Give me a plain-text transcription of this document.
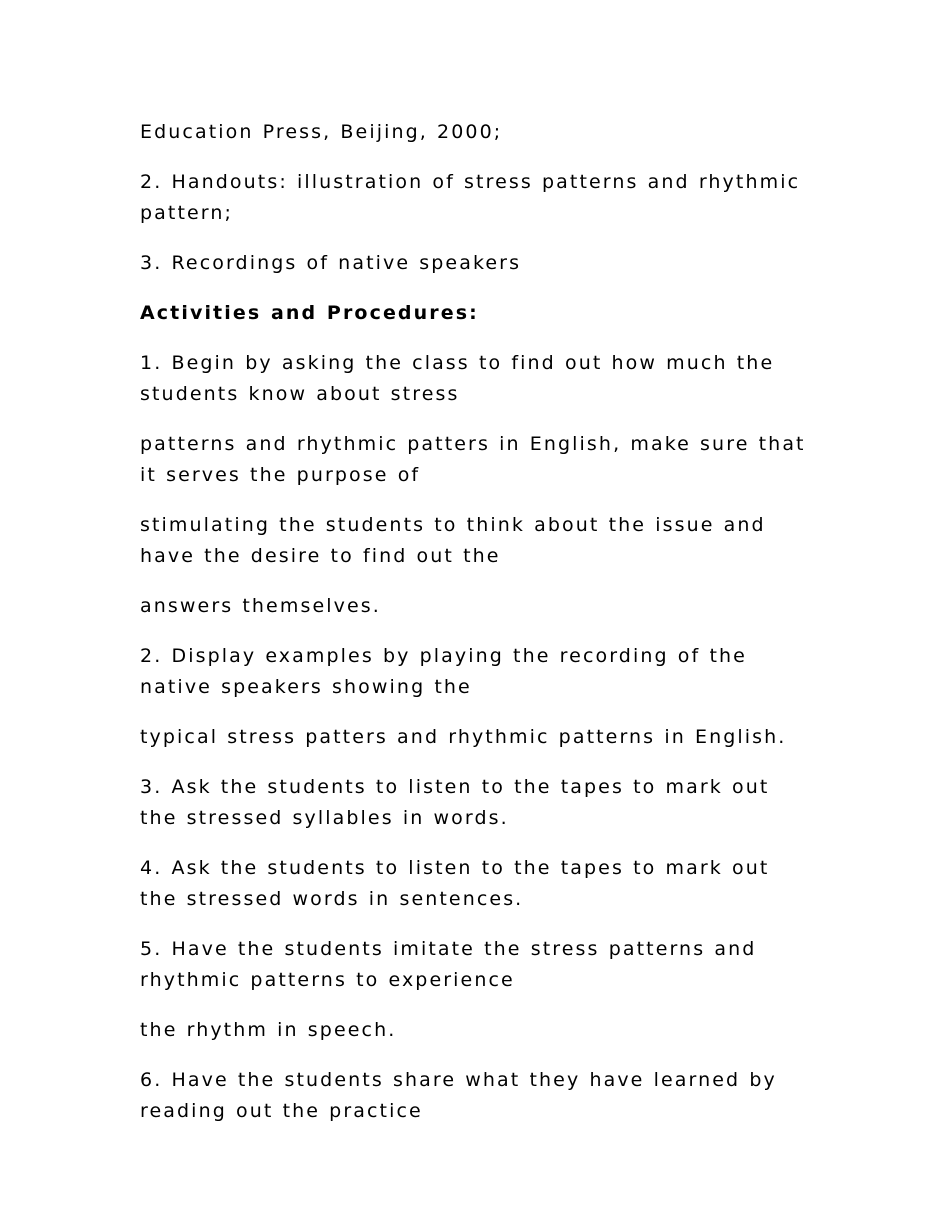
Education Press, Beijing, 2000;

2. Handouts: illustration of stress patterns and rhythmic pattern;

3. Recordings of native speakers

Activities and Procedures:

1. Begin by asking the class to find out how much the students know about stress

patterns and rhythmic patters in English, make sure that it serves the purpose of

stimulating the students to think about the issue and have the desire to find out the

answers themselves.

2. Display examples by playing the recording of the native speakers showing the

typical stress patters and rhythmic patterns in English.

3. Ask the students to listen to the tapes to mark out the stressed syllables in words.

4. Ask the students to listen to the tapes to mark out the stressed words in sentences.

5. Have the students imitate the stress patterns and rhythmic patterns to experience

the rhythm in speech.

6. Have the students share what they have learned by reading out the practice
